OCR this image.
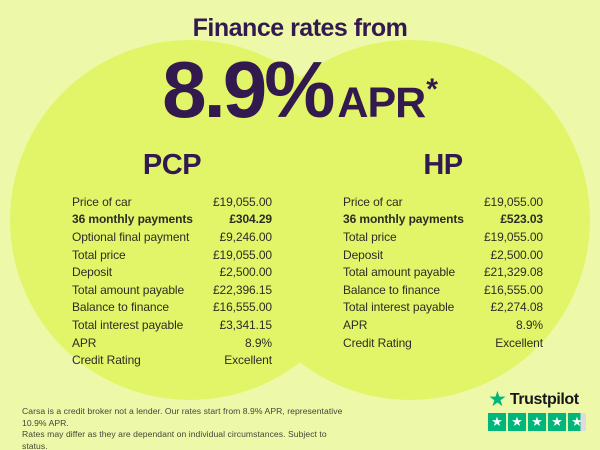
Finance rates from
8.9% APR*
PCP
Price of car	£19,055.00
36 monthly payments	£304.29
Optional final payment	£9,246.00
Total price	£19,055.00
Deposit	£2,500.00
Total amount payable £22,396.15
Balance to finance	£16,555.00
Total interest payable	£3,341.15
APR	8.9%
Credit Rating	Excellent
HP
Price of car	£19,055.00
36 monthly payments	£523.03
Total price	£19,055.00
Deposit	£2,500.00
Total amount payable £21,329.08
Balance to finance	£16,555.00
Total interest payable	£2,274.08
APR	8.9%
Credit Rating	Excellent
Carsa is a credit broker not a lender. Our rates start from 8.9% APR, representative 10.9% APR.
Rates may differ as they are dependant on individual circumstances. Subject to status.
★ Trustpilot
★ ★ ★ ★ ★
